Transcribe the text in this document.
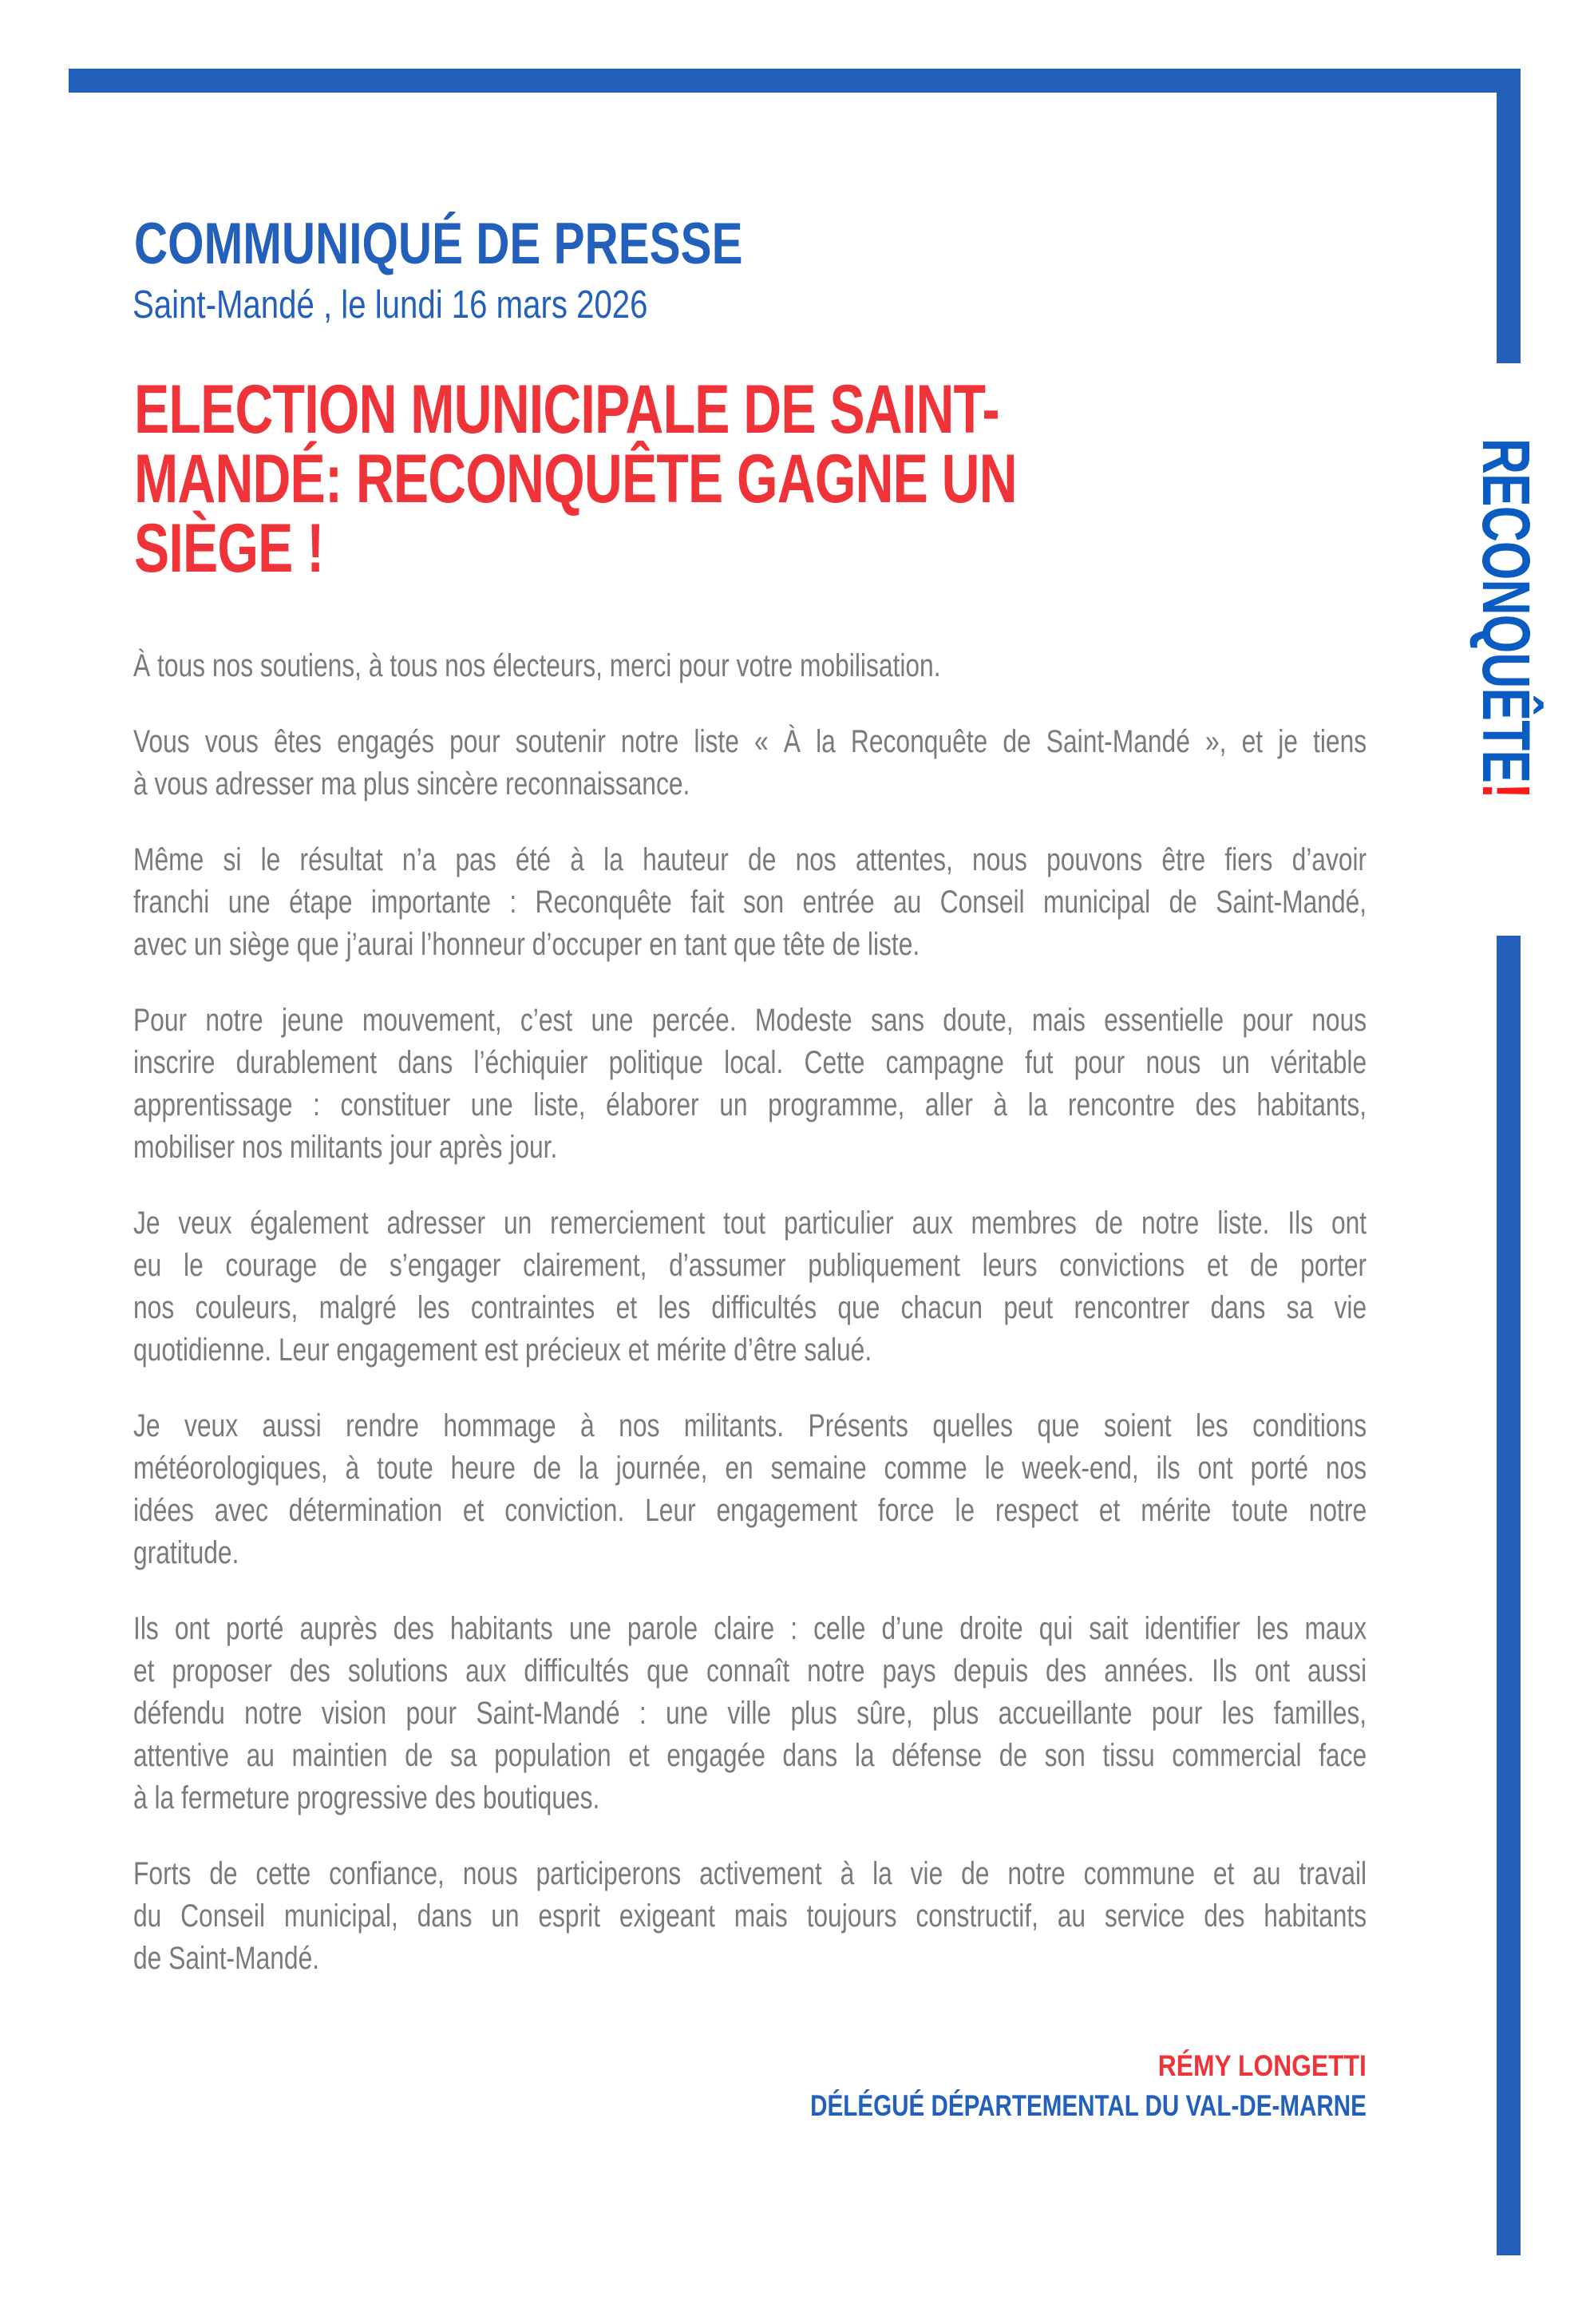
RECONQUÊTE!
COMMUNIQUÉ DE PRESSE
Saint-Mandé , le lundi 16 mars 2026
ELECTION MUNICIPALE DE SAINT-
MANDÉ: RECONQUÊTE GAGNE UN
SIÈGE !
À tous nos soutiens, à tous nos électeurs, merci pour votre mobilisation.
Vous vous êtes engagés pour soutenir notre liste « À la Reconquête de Saint-Mandé », et je tiens
à vous adresser ma plus sincère reconnaissance.
Même si le résultat n’a pas été à la hauteur de nos attentes, nous pouvons être fiers d’avoir
franchi une étape importante : Reconquête fait son entrée au Conseil municipal de Saint-Mandé,
avec un siège que j’aurai l’honneur d’occuper en tant que tête de liste.
Pour notre jeune mouvement, c’est une percée. Modeste sans doute, mais essentielle pour nous
inscrire durablement dans l’échiquier politique local. Cette campagne fut pour nous un véritable
apprentissage : constituer une liste, élaborer un programme, aller à la rencontre des habitants,
mobiliser nos militants jour après jour.
Je veux également adresser un remerciement tout particulier aux membres de notre liste. Ils ont
eu le courage de s’engager clairement, d’assumer publiquement leurs convictions et de porter
nos couleurs, malgré les contraintes et les difficultés que chacun peut rencontrer dans sa vie
quotidienne. Leur engagement est précieux et mérite d’être salué.
Je veux aussi rendre hommage à nos militants. Présents quelles que soient les conditions
météorologiques, à toute heure de la journée, en semaine comme le week-end, ils ont porté nos
idées avec détermination et conviction. Leur engagement force le respect et mérite toute notre
gratitude.
Ils ont porté auprès des habitants une parole claire : celle d’une droite qui sait identifier les maux
et proposer des solutions aux difficultés que connaît notre pays depuis des années. Ils ont aussi
défendu notre vision pour Saint-Mandé : une ville plus sûre, plus accueillante pour les familles,
attentive au maintien de sa population et engagée dans la défense de son tissu commercial face
à la fermeture progressive des boutiques.
Forts de cette confiance, nous participerons activement à la vie de notre commune et au travail
du Conseil municipal, dans un esprit exigeant mais toujours constructif, au service des habitants
de Saint-Mandé.
RÉMY LONGETTI
DÉLÉGUÉ DÉPARTEMENTAL DU VAL-DE-MARNE
